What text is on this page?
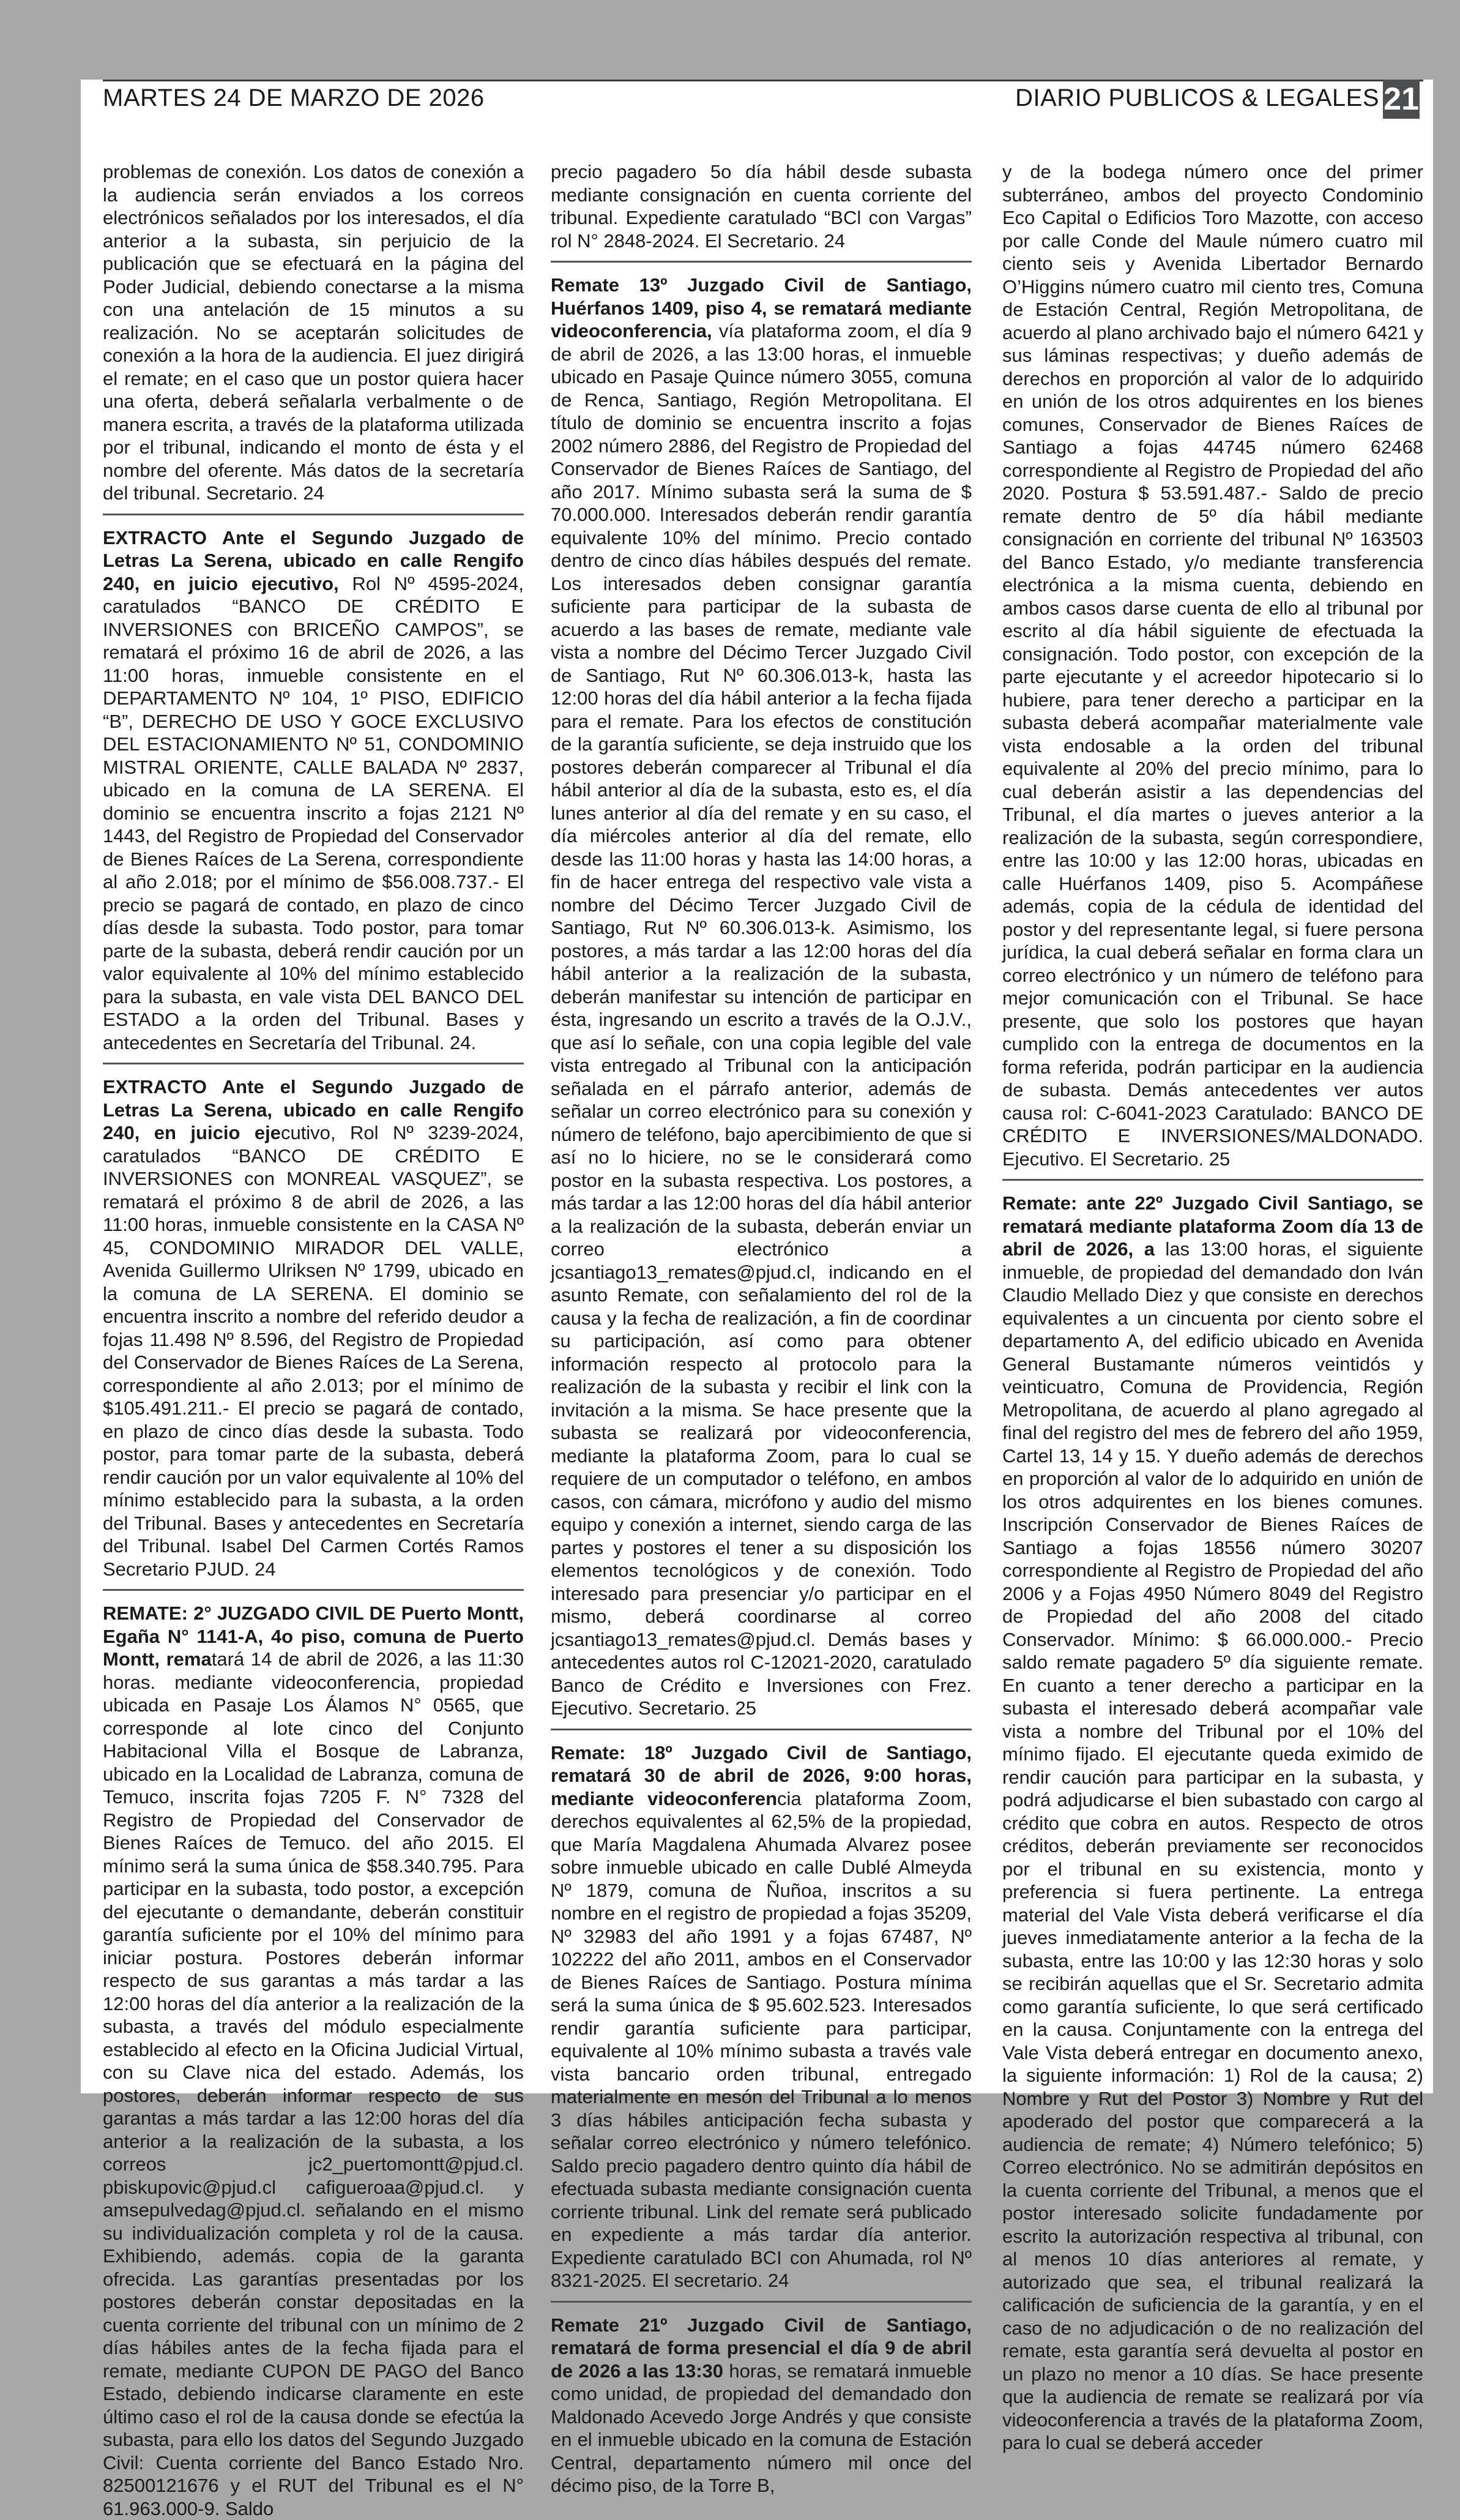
MARTES 24 DE MARZO DE 2026	DIARIO PUBLICOS & LEGALES 21

problemas de conexión. Los datos de conexión a la audiencia serán enviados a los correos electrónicos señalados por los interesados, el día anterior a la subasta, sin perjuicio de la publicación que se efectuará en la página del Poder Judicial, debiendo conectarse a la misma con una antelación de 15 minutos a su realización. No se aceptarán solicitudes de conexión a la hora de la audiencia. El juez dirigirá el remate; en el caso que un postor quiera hacer una oferta, deberá señalarla verbalmente o de manera escrita, a través de la plataforma utilizada por el tribunal, indicando el monto de ésta y el nombre del oferente. Más datos de la secretaría del tribunal. Secretario. 24

EXTRACTO Ante el Segundo Juzgado de Letras La Serena, ubicado en calle Rengifo 240, en juicio ejecutivo, Rol Nº 4595-2024, caratulados “BANCO DE CRÉDITO E INVERSIONES con BRICEÑO CAMPOS”, se rematará el próximo 16 de abril de 2026, a las 11:00 horas, inmueble consistente en el DEPARTAMENTO Nº 104, 1º PISO, EDIFICIO “B”, DERECHO DE USO Y GOCE EXCLUSIVO DEL ESTACIONAMIENTO Nº 51, CONDOMINIO MISTRAL ORIENTE, CALLE BALADA Nº 2837, ubicado en la comuna de LA SERENA. El dominio se encuentra inscrito a fojas 2121 Nº 1443, del Registro de Propiedad del Conservador de Bienes Raíces de La Serena, correspondiente al año 2.018; por el mínimo de $56.008.737.- El precio se pagará de contado, en plazo de cinco días desde la subasta. Todo postor, para tomar parte de la subasta, deberá rendir caución por un valor equivalente al 10% del mínimo establecido para la subasta, en vale vista DEL BANCO DEL ESTADO a la orden del Tribunal. Bases y antecedentes en Secretaría del Tribunal. 24.

EXTRACTO Ante el Segundo Juzgado de Letras La Serena, ubicado en calle Rengifo 240, en juicio ejecutivo, Rol Nº 3239-2024, caratulados “BANCO DE CRÉDITO E INVERSIONES con MONREAL VASQUEZ”, se rematará el próximo 8 de abril de 2026, a las 11:00 horas, inmueble consistente en la CASA Nº 45, CONDOMINIO MIRADOR DEL VALLE, Avenida Guillermo Ulriksen Nº 1799, ubicado en la comuna de LA SERENA. El dominio se encuentra inscrito a nombre del referido deudor a fojas 11.498 Nº 8.596, del Registro de Propiedad del Conservador de Bienes Raíces de La Serena, correspondiente al año 2.013; por el mínimo de $105.491.211.- El precio se pagará de contado, en plazo de cinco días desde la subasta. Todo postor, para tomar parte de la subasta, deberá rendir caución por un valor equivalente al 10% del mínimo establecido para la subasta, a la orden del Tribunal. Bases y antecedentes en Secretaría del Tribunal. Isabel Del Carmen Cortés Ramos Secretario PJUD. 24

REMATE: 2° JUZGADO CIVIL DE Puerto Montt, Egaña N° 1141-A, 4o piso, comuna de Puerto Montt, rematará 14 de abril de 2026, a las 11:30 horas. mediante videoconferencia, propiedad ubicada en Pasaje Los Álamos N° 0565, que corresponde al lote cinco del Conjunto Habitacional Villa el Bosque de Labranza, ubicado en la Localidad de Labranza, comuna de Temuco, inscrita fojas 7205 F. N° 7328 del Registro de Propiedad del Conservador de Bienes Raíces de Temuco. del año 2015. El mínimo será la suma única de $58.340.795. Para participar en la subasta, todo postor, a excepción del ejecutante o demandante, deberán constituir garantía suficiente por el 10% del mínimo para iniciar postura. Postores deberán informar respecto de sus garantas a más tardar a las 12:00 horas del día anterior a la realización de la subasta, a través del módulo especialmente establecido al efecto en la Oficina Judicial Virtual, con su Clave nica del estado. Además, los postores, deberán informar respecto de sus garantas a más tardar a las 12:00 horas del día anterior a la realización de la subasta, a los correos jc2_puertomontt@pjud.cl. pbiskupovic@pjud.cl cafigueroaa@pjud.cl. y amsepulvedag@pjud.cl. señalando en el mismo su individualización completa y rol de la causa. Exhibiendo, además. copia de la garanta ofrecida. Las garantías presentadas por los postores deberán constar depositadas en la cuenta corriente del tribunal con un mínimo de 2 días hábiles antes de la fecha fijada para el remate, mediante CUPON DE PAGO del Banco Estado, debiendo indicarse claramente en este último caso el rol de la causa donde se efectúa la subasta, para ello los datos del Segundo Juzgado Civil: Cuenta corriente del Banco Estado Nro. 82500121676 y el RUT del Tribunal es el N° 61.963.000-9. Saldo

precio pagadero 5o día hábil desde subasta mediante consignación en cuenta corriente del tribunal. Expediente caratulado “BCl con Vargas” rol N° 2848-2024. El Secretario. 24

Remate 13º Juzgado Civil de Santiago, Huérfanos 1409, piso 4, se rematará mediante videoconferencia, vía plataforma zoom, el día 9 de abril de 2026, a las 13:00 horas, el inmueble ubicado en Pasaje Quince número 3055, comuna de Renca, Santiago, Región Metropolitana. El título de dominio se encuentra inscrito a fojas 2002 número 2886, del Registro de Propiedad del Conservador de Bienes Raíces de Santiago, del año 2017. Mínimo subasta será la suma de $ 70.000.000. Interesados deberán rendir garantía equivalente 10% del mínimo. Precio contado dentro de cinco días hábiles después del remate. Los interesados deben consignar garantía suficiente para participar de la subasta de acuerdo a las bases de remate, mediante vale vista a nombre del Décimo Tercer Juzgado Civil de Santiago, Rut Nº 60.306.013-k, hasta las 12:00 horas del día hábil anterior a la fecha fijada para el remate. Para los efectos de constitución de la garantía suficiente, se deja instruido que los postores deberán comparecer al Tribunal el día hábil anterior al día de la subasta, esto es, el día lunes anterior al día del remate y en su caso, el día miércoles anterior al día del remate, ello desde las 11:00 horas y hasta las 14:00 horas, a fin de hacer entrega del respectivo vale vista a nombre del Décimo Tercer Juzgado Civil de Santiago, Rut Nº 60.306.013-k. Asimismo, los postores, a más tardar a las 12:00 horas del día hábil anterior a la realización de la subasta, deberán manifestar su intención de participar en ésta, ingresando un escrito a través de la O.J.V., que así lo señale, con una copia legible del vale vista entregado al Tribunal con la anticipación señalada en el párrafo anterior, además de señalar un correo electrónico para su conexión y número de teléfono, bajo apercibimiento de que si así no lo hiciere, no se le considerará como postor en la subasta respectiva. Los postores, a más tardar a las 12:00 horas del día hábil anterior a la realización de la subasta, deberán enviar un correo electrónico a jcsantiago13_remates@pjud.cl, indicando en el asunto Remate, con señalamiento del rol de la causa y la fecha de realización, a fin de coordinar su participación, así como para obtener información respecto al protocolo para la realización de la subasta y recibir el link con la invitación a la misma. Se hace presente que la subasta se realizará por videoconferencia, mediante la plataforma Zoom, para lo cual se requiere de un computador o teléfono, en ambos casos, con cámara, micrófono y audio del mismo equipo y conexión a internet, siendo carga de las partes y postores el tener a su disposición los elementos tecnológicos y de conexión. Todo interesado para presenciar y/o participar en el mismo, deberá coordinarse al correo jcsantiago13_remates@pjud.cl. Demás bases y antecedentes autos rol C-12021-2020, caratulado Banco de Crédito e Inversiones con Frez. Ejecutivo. Secretario. 25

Remate: 18º Juzgado Civil de Santiago, rematará 30 de abril de 2026, 9:00 horas, mediante videoconferencia plataforma Zoom, derechos equivalentes al 62,5% de la propiedad, que María Magdalena Ahumada Alvarez posee sobre inmueble ubicado en calle Dublé Almeyda Nº 1879, comuna de Ñuñoa, inscritos a su nombre en el registro de propiedad a fojas 35209, Nº 32983 del año 1991 y a fojas 67487, Nº 102222 del año 2011, ambos en el Conservador de Bienes Raíces de Santiago. Postura mínima será la suma única de $ 95.602.523. Interesados rendir garantía suficiente para participar, equivalente al 10% mínimo subasta a través vale vista bancario orden tribunal, entregado materialmente en mesón del Tribunal a lo menos 3 días hábiles anticipación fecha subasta y señalar correo electrónico y número telefónico. Saldo precio pagadero dentro quinto día hábil de efectuada subasta mediante consignación cuenta corriente tribunal. Link del remate será publicado en expediente a más tardar día anterior. Expediente caratulado BCI con Ahumada, rol Nº 8321-2025. El secretario. 24

Remate 21º Juzgado Civil de Santiago, rematará de forma presencial el día 9 de abril de 2026 a las 13:30 horas, se rematará inmueble como unidad, de propiedad del demandado don Maldonado Acevedo Jorge Andrés y que consiste en el inmueble ubicado en la comuna de Estación Central, departamento número mil once del décimo piso, de la Torre B,

y de la bodega número once del primer subterráneo, ambos del proyecto Condominio Eco Capital o Edificios Toro Mazotte, con acceso por calle Conde del Maule número cuatro mil ciento seis y Avenida Libertador Bernardo O’Higgins número cuatro mil ciento tres, Comuna de Estación Central, Región Metropolitana, de acuerdo al plano archivado bajo el número 6421 y sus láminas respectivas; y dueño además de derechos en proporción al valor de lo adquirido en unión de los otros adquirentes en los bienes comunes, Conservador de Bienes Raíces de Santiago a fojas 44745 número 62468 correspondiente al Registro de Propiedad del año 2020. Postura $ 53.591.487.- Saldo de precio remate dentro de 5º día hábil mediante consignación en corriente del tribunal Nº 163503 del Banco Estado, y/o mediante transferencia electrónica a la misma cuenta, debiendo en ambos casos darse cuenta de ello al tribunal por escrito al día hábil siguiente de efectuada la consignación. Todo postor, con excepción de la parte ejecutante y el acreedor hipotecario si lo hubiere, para tener derecho a participar en la subasta deberá acompañar materialmente vale vista endosable a la orden del tribunal equivalente al 20% del precio mínimo, para lo cual deberán asistir a las dependencias del Tribunal, el día martes o jueves anterior a la realización de la subasta, según correspondiere, entre las 10:00 y las 12:00 horas, ubicadas en calle Huérfanos 1409, piso 5. Acompáñese además, copia de la cédula de identidad del postor y del representante legal, si fuere persona jurídica, la cual deberá señalar en forma clara un correo electrónico y un número de teléfono para mejor comunicación con el Tribunal. Se hace presente, que solo los postores que hayan cumplido con la entrega de documentos en la forma referida, podrán participar en la audiencia de subasta. Demás antecedentes ver autos causa rol: C-6041-2023 Caratulado: BANCO DE CRÉDITO E INVERSIONES/MALDONADO. Ejecutivo. El Secretario. 25

Remate: ante 22º Juzgado Civil Santiago, se rematará mediante plataforma Zoom día 13 de abril de 2026, a las 13:00 horas, el siguiente inmueble, de propiedad del demandado don Iván Claudio Mellado Diez y que consiste en derechos equivalentes a un cincuenta por ciento sobre el departamento A, del edificio ubicado en Avenida General Bustamante números veintidós y veinticuatro, Comuna de Providencia, Región Metropolitana, de acuerdo al plano agregado al final del registro del mes de febrero del año 1959, Cartel 13, 14 y 15. Y dueño además de derechos en proporción al valor de lo adquirido en unión de los otros adquirentes en los bienes comunes. Inscripción Conservador de Bienes Raíces de Santiago a fojas 18556 número 30207 correspondiente al Registro de Propiedad del año 2006 y a Fojas 4950 Número 8049 del Registro de Propiedad del año 2008 del citado Conservador. Mínimo: $ 66.000.000.- Precio saldo remate pagadero 5º día siguiente remate. En cuanto a tener derecho a participar en la subasta el interesado deberá acompañar vale vista a nombre del Tribunal por el 10% del mínimo fijado. El ejecutante queda eximido de rendir caución para participar en la subasta, y podrá adjudicarse el bien subastado con cargo al crédito que cobra en autos. Respecto de otros créditos, deberán previamente ser reconocidos por el tribunal en su existencia, monto y preferencia si fuera pertinente. La entrega material del Vale Vista deberá verificarse el día jueves inmediatamente anterior a la fecha de la subasta, entre las 10:00 y las 12:30 horas y solo se recibirán aquellas que el Sr. Secretario admita como garantía suficiente, lo que será certificado en la causa. Conjuntamente con la entrega del Vale Vista deberá entregar en documento anexo, la siguiente información: 1) Rol de la causa; 2) Nombre y Rut del Postor 3) Nombre y Rut del apoderado del postor que comparecerá a la audiencia de remate; 4) Número telefónico; 5) Correo electrónico. No se admitirán depósitos en la cuenta corriente del Tribunal, a menos que el postor interesado solicite fundadamente por escrito la autorización respectiva al tribunal, con al menos 10 días anteriores al remate, y autorizado que sea, el tribunal realizará la calificación de suficiencia de la garantía, y en el caso de no adjudicación o de no realización del remate, esta garantía será devuelta al postor en un plazo no menor a 10 días. Se hace presente que la audiencia de remate se realizará por vía videoconferencia a través de la plataforma Zoom, para lo cual se deberá acceder
